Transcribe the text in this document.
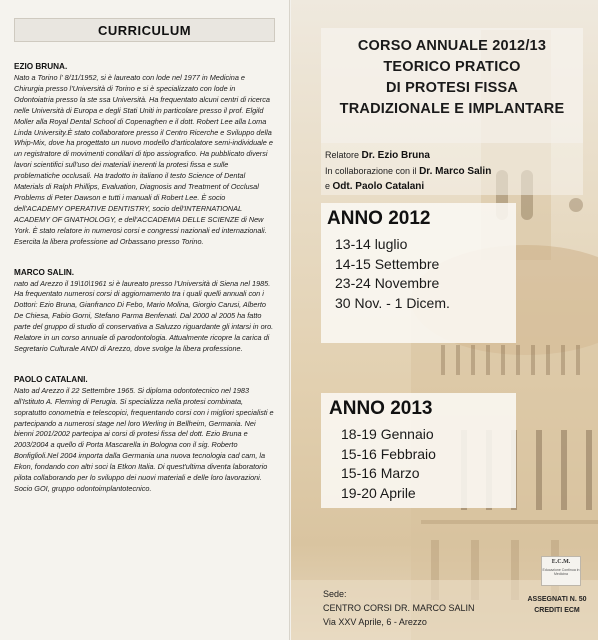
CURRICULUM
EZIO BRUNA.
Nato a Torino l' 8/11/1952, si è laureato con lode nel 1977 in Medicina e Chirurgia presso l'Università di Torino e si è specializzato con lode in Odontoiatria presso la ste ssa Università. Ha frequentato alcuni centri di ricerca nelle Università di Europa e degli Stati Uniti in particolare presso il prof. Elgild Moller alla Royal Dental School di Copenaghen e il dott. Robert Lee alla Loma Linda University.È stato collaboratore presso il Centro Ricerche e Sviluppo della Whip-Mix, dove ha progettato un nuovo modello d'articolatore semi-individuale e un registratore di movimenti condilari di tipo assiografico. Ha pubblicato diversi lavori scientifici sull'uso dei materiali inerenti la protesi fissa e sulle problematiche occlusali. Ha tradotto in italiano il testo Science of Dental Materials di Ralph Phillips, Evaluation, Diagnosis and Treatment of Occlusal Problems di Peter Dawson e tutti i manuali di Robert Lee. È socio dell'ACADEMY OPERATIVE DENTISTRY, socio dell'INTERNATIONAL ACADEMY OF GNATHOLOGY, e dell'ACCADEMIA DELLE SCIENZE di New York. È stato relatore in numerosi corsi e congressi nazionali ed internazionali. Esercita la libera professione ad Orbassano presso Torino.
MARCO SALIN.
nato ad Arezzo il 19\10\1961 si è laureato presso l'Università di Siena nel 1985. Ha frequentato numerosi corsi di aggiornamento tra i quali quelli annuali con i Dottori: Ezio Bruna, Gianfranco Di Febo, Mario Molina, Giorgio Carusi, Alberto De Chiesa, Fabio Gorni, Stefano Parma Benfenati. Dal 2000 al 2005 ha fatto parte del gruppo di studio di conservativa a Saluzzo riguardante gli intarsi in oro. Relatore in un corso annuale di parodontologia. Attualmente ricopre la carica di Segretario Culturale ANDI di Arezzo, dove svolge la libera professione.
PAOLO CATALANI.
Nato ad Arezzo il 22 Settembre 1965. Si diploma odontotecnico nel 1983 all'Istituto A. Fleming di Perugia. Si specializza nella protesi combinata, sopratutto conometria e telescopici, frequentando corsi con i migliori specialisti e partecipando a numerosi stage nel loro Werling in Bellheim, Germania. Nei bienni 2001/2002 partecipa ai corsi di protesi fissa del dott. Ezio Bruna e 2003/2004 a quello di Porta Mascarella in Bologna con il sig. Roberto Bonfiglioli.Nel 2004 importa dalla Germania una nuova tecnologia cad cam, la Ekon, fondando con altri soci la Etkon Italia. Di quest'ultima diventa laboratorio pilota collaborando per lo sviluppo dei nuovi materiali e delle loro lavorazioni. Socio GOI, gruppo odontoimplantotecnico.
CORSO ANNUALE 2012/13
TEORICO PRATICO
DI PROTESI FISSA
TRADIZIONALE E IMPLANTARE
Relatore Dr. Ezio Bruna
In collaborazione con il Dr. Marco Salin
e Odt. Paolo Catalani
ANNO 2012
13-14 luglio
14-15 Settembre
23-24 Novembre
30 Nov. - 1 Dicem.
ANNO 2013
18-19 Gennaio
15-16 Febbraio
15-16 Marzo
19-20 Aprile
Sede:
CENTRO CORSI DR. MARCO SALIN
Via XXV Aprile, 6 - Arezzo
E.C.M.
Educazione Continua in Medicina
ASSEGNATI N. 50
CREDITI ECM
